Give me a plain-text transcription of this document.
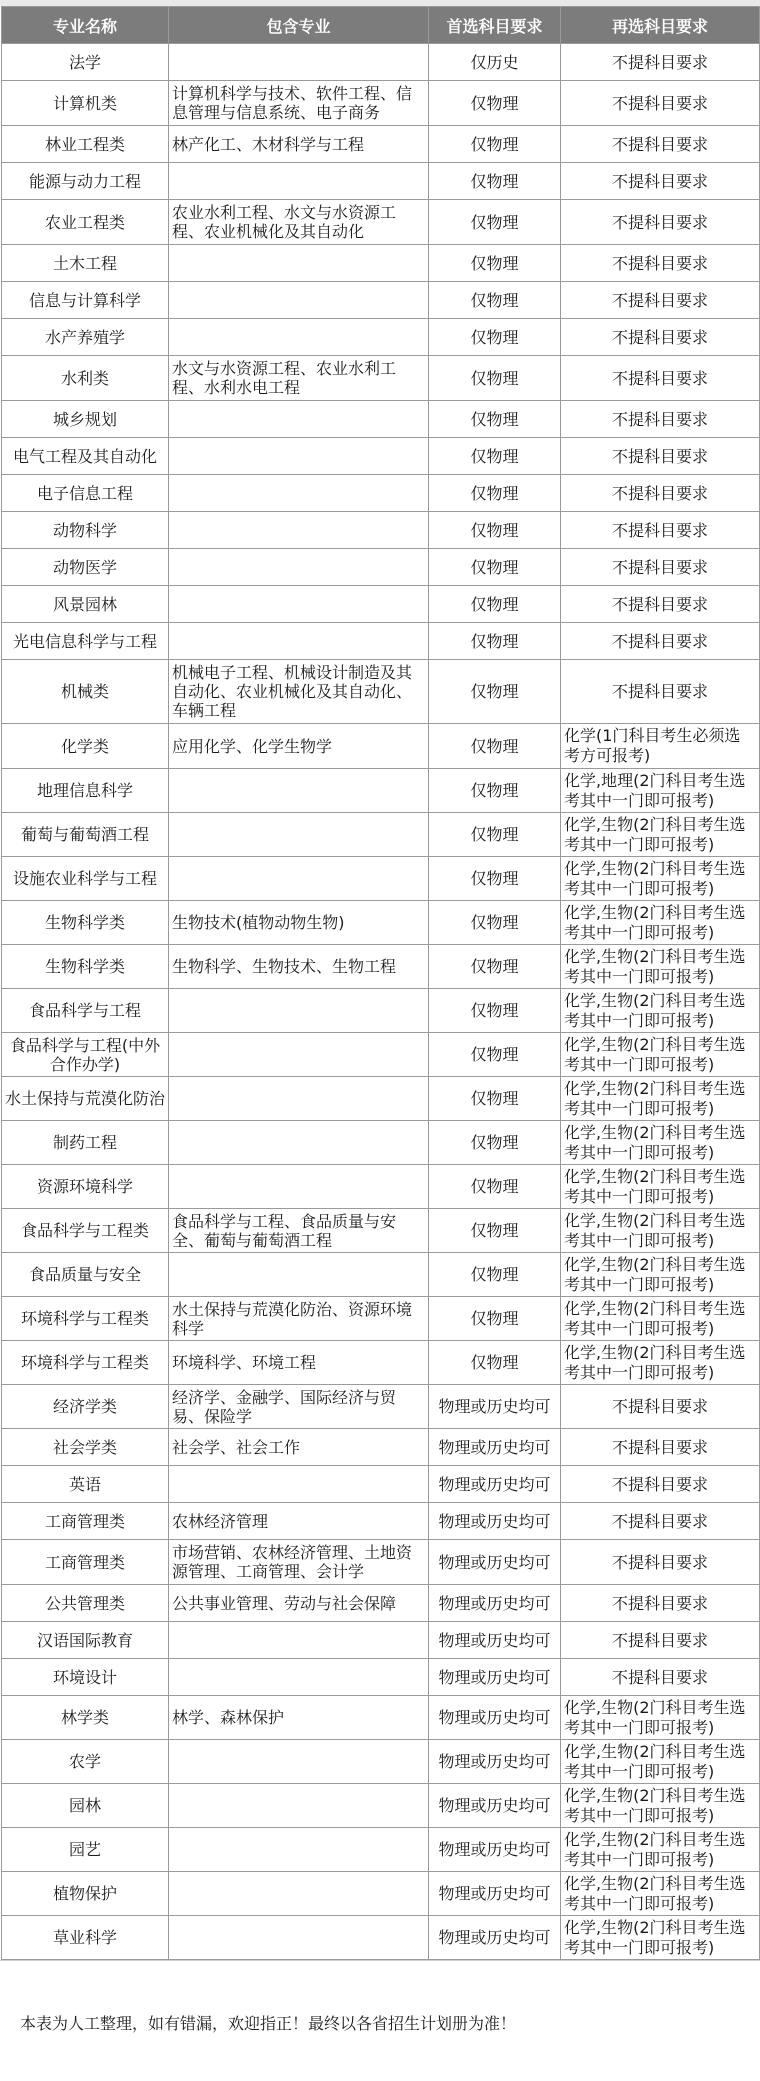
专业名称	包含专业	首选科目要求	再选科目要求
法学		仅历史	不提科目要求
计算机类	计算机科学与技术、软件工程、信息管理与信息系统、电子商务	仅物理	不提科目要求
林业工程类	林产化工、木材科学与工程	仅物理	不提科目要求
能源与动力工程		仅物理	不提科目要求
农业工程类	农业水利工程、水文与水资源工程、农业机械化及其自动化	仅物理	不提科目要求
土木工程		仅物理	不提科目要求
信息与计算科学		仅物理	不提科目要求
水产养殖学		仅物理	不提科目要求
水利类	水文与水资源工程、农业水利工程、水利水电工程	仅物理	不提科目要求
城乡规划		仅物理	不提科目要求
电气工程及其自动化		仅物理	不提科目要求
电子信息工程		仅物理	不提科目要求
动物科学		仅物理	不提科目要求
动物医学		仅物理	不提科目要求
风景园林		仅物理	不提科目要求
光电信息科学与工程		仅物理	不提科目要求
机械类	机械电子工程、机械设计制造及其自动化、农业机械化及其自动化、车辆工程	仅物理	不提科目要求
化学类	应用化学、化学生物学	仅物理	化学(1门科目考生必须选考方可报考)
地理信息科学		仅物理	化学,地理(2门科目考生选考其中一门即可报考)
葡萄与葡萄酒工程		仅物理	化学,生物(2门科目考生选考其中一门即可报考)
设施农业科学与工程		仅物理	化学,生物(2门科目考生选考其中一门即可报考)
生物科学类	生物技术(植物动物生物)	仅物理	化学,生物(2门科目考生选考其中一门即可报考)
生物科学类	生物科学、生物技术、生物工程	仅物理	化学,生物(2门科目考生选考其中一门即可报考)
食品科学与工程		仅物理	化学,生物(2门科目考生选考其中一门即可报考)
食品科学与工程(中外合作办学)		仅物理	化学,生物(2门科目考生选考其中一门即可报考)
水土保持与荒漠化防治		仅物理	化学,生物(2门科目考生选考其中一门即可报考)
制药工程		仅物理	化学,生物(2门科目考生选考其中一门即可报考)
资源环境科学		仅物理	化学,生物(2门科目考生选考其中一门即可报考)
食品科学与工程类	食品科学与工程、食品质量与安全、葡萄与葡萄酒工程	仅物理	化学,生物(2门科目考生选考其中一门即可报考)
食品质量与安全		仅物理	化学,生物(2门科目考生选考其中一门即可报考)
环境科学与工程类	水土保持与荒漠化防治、资源环境科学	仅物理	化学,生物(2门科目考生选考其中一门即可报考)
环境科学与工程类	环境科学、环境工程	仅物理	化学,生物(2门科目考生选考其中一门即可报考)
经济学类	经济学、金融学、国际经济与贸易、保险学	物理或历史均可	不提科目要求
社会学类	社会学、社会工作	物理或历史均可	不提科目要求
英语		物理或历史均可	不提科目要求
工商管理类	农林经济管理	物理或历史均可	不提科目要求
工商管理类	市场营销、农林经济管理、土地资源管理、工商管理、会计学	物理或历史均可	不提科目要求
公共管理类	公共事业管理、劳动与社会保障	物理或历史均可	不提科目要求
汉语国际教育		物理或历史均可	不提科目要求
环境设计		物理或历史均可	不提科目要求
林学类	林学、森林保护	物理或历史均可	化学,生物(2门科目考生选考其中一门即可报考)
农学		物理或历史均可	化学,生物(2门科目考生选考其中一门即可报考)
园林		物理或历史均可	化学,生物(2门科目考生选考其中一门即可报考)
园艺		物理或历史均可	化学,生物(2门科目考生选考其中一门即可报考)
植物保护		物理或历史均可	化学,生物(2门科目考生选考其中一门即可报考)
草业科学		物理或历史均可	化学,生物(2门科目考生选考其中一门即可报考)
本表为人工整理，如有错漏，欢迎指正！最终以各省招生计划册为准！
